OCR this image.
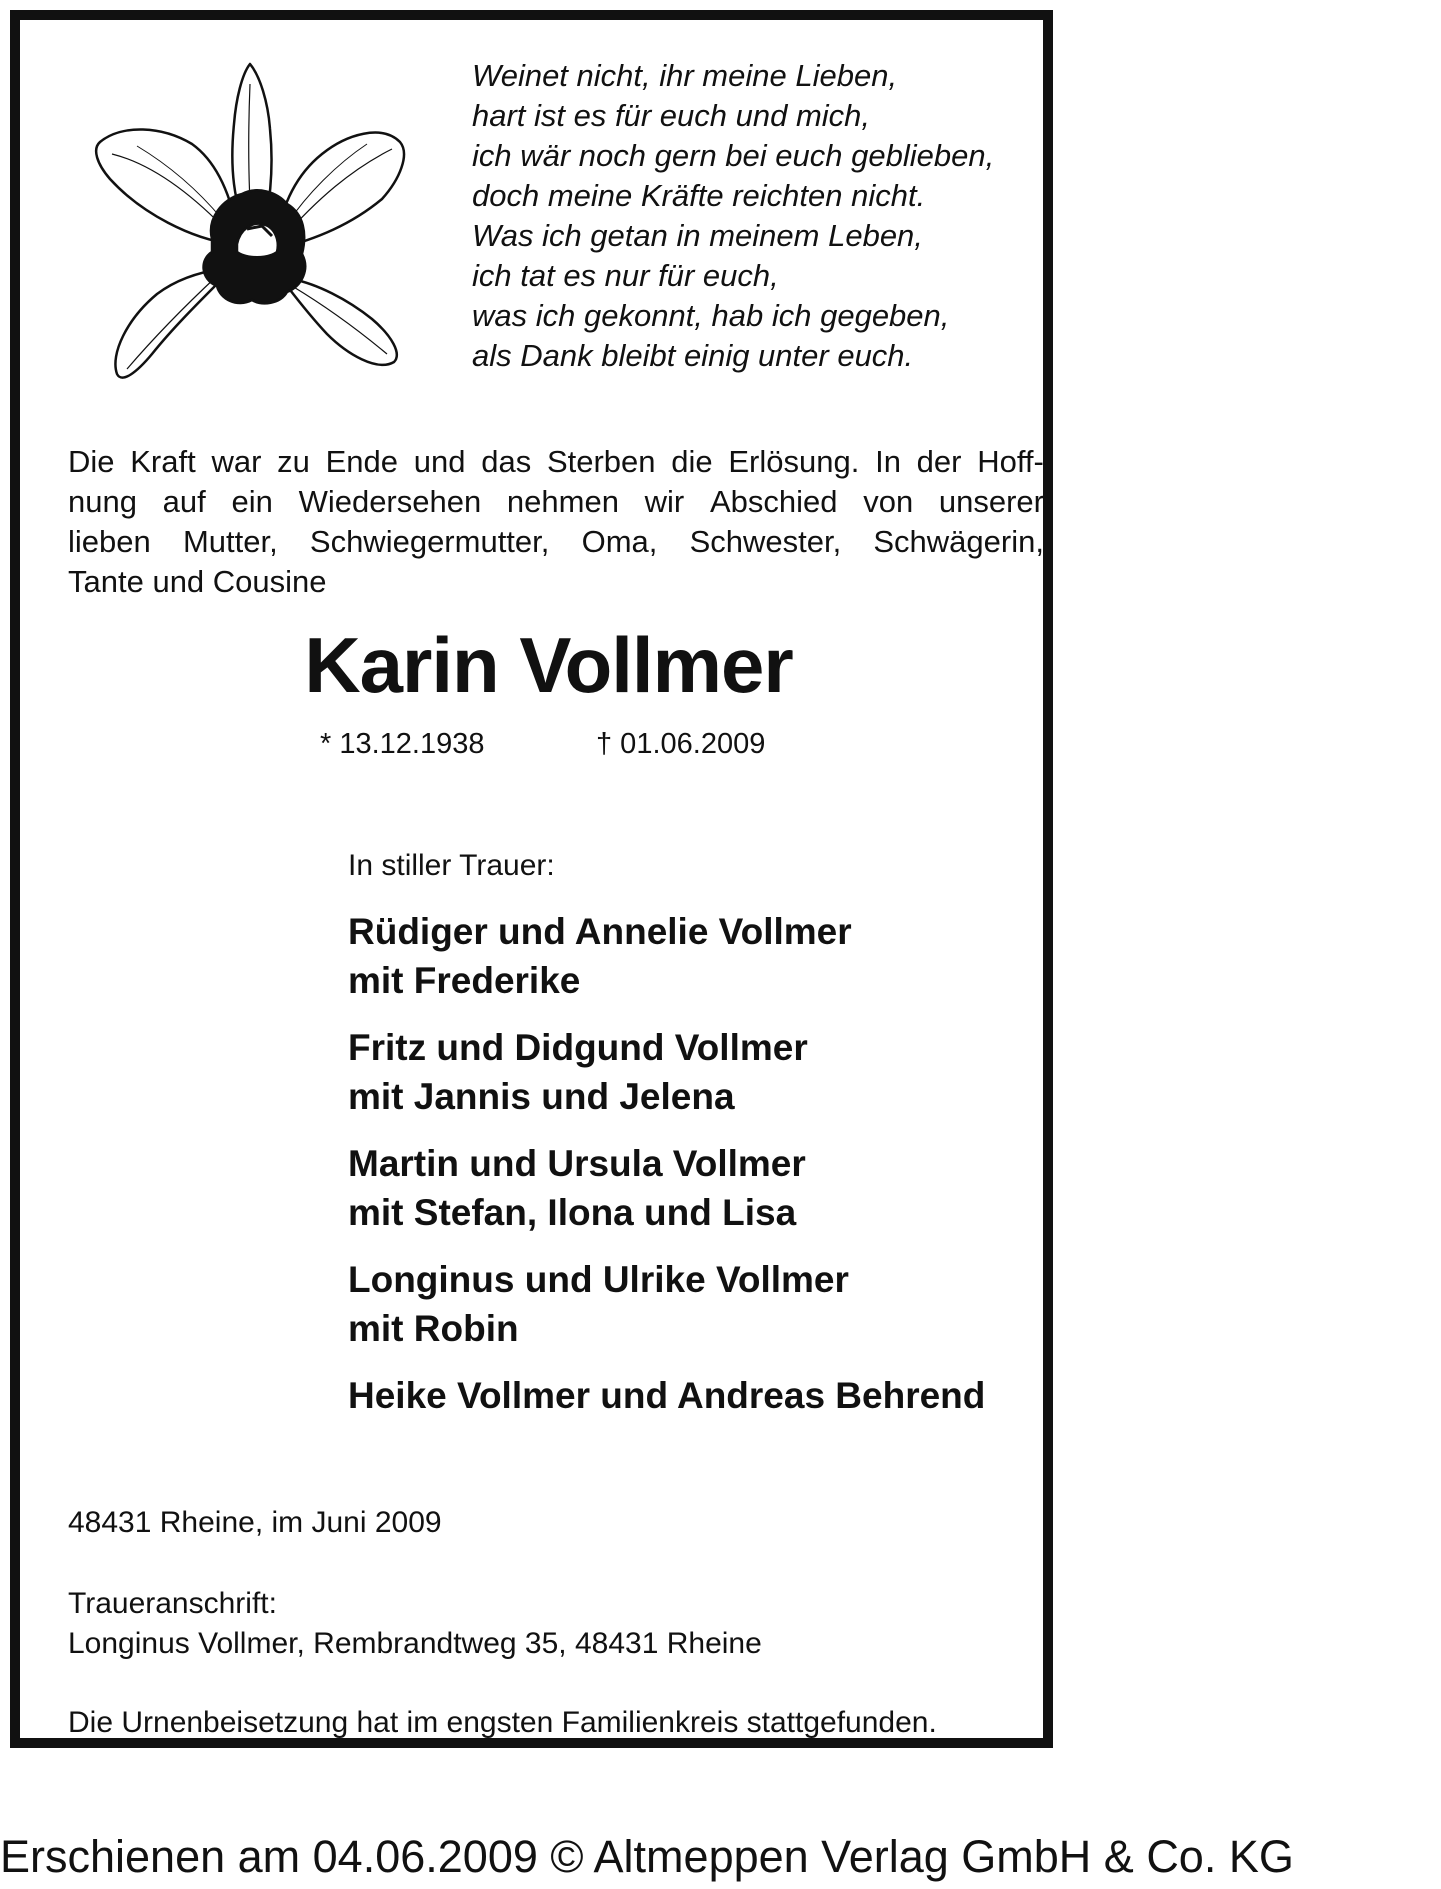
Weinet nicht, ihr meine Lieben,
hart ist es für euch und mich,
ich wär noch gern bei euch geblieben,
doch meine Kräfte reichten nicht.
Was ich getan in meinem Leben,
ich tat es nur für euch,
was ich gekonnt, hab ich gegeben,
als Dank bleibt einig unter euch.
Die Kraft war zu Ende und das Sterben die Erlösung. In der Hoff-
nung auf ein Wiedersehen nehmen wir Abschied von unserer
lieben Mutter, Schwiegermutter, Oma, Schwester, Schwägerin,
Tante und Cousine
Karin Vollmer
* 13.12.1938	† 01.06.2009
In stiller Trauer:
Rüdiger und Annelie Vollmer
mit Frederike
Fritz und Didgund Vollmer
mit Jannis und Jelena
Martin und Ursula Vollmer
mit Stefan, Ilona und Lisa
Longinus und Ulrike Vollmer
mit Robin
Heike Vollmer und Andreas Behrend
48431 Rheine, im Juni 2009
Traueranschrift:
Longinus Vollmer, Rembrandtweg 35, 48431 Rheine
Die Urnenbeisetzung hat im engsten Familienkreis stattgefunden.
Erschienen am 04.06.2009 © Altmeppen Verlag GmbH & Co. KG
